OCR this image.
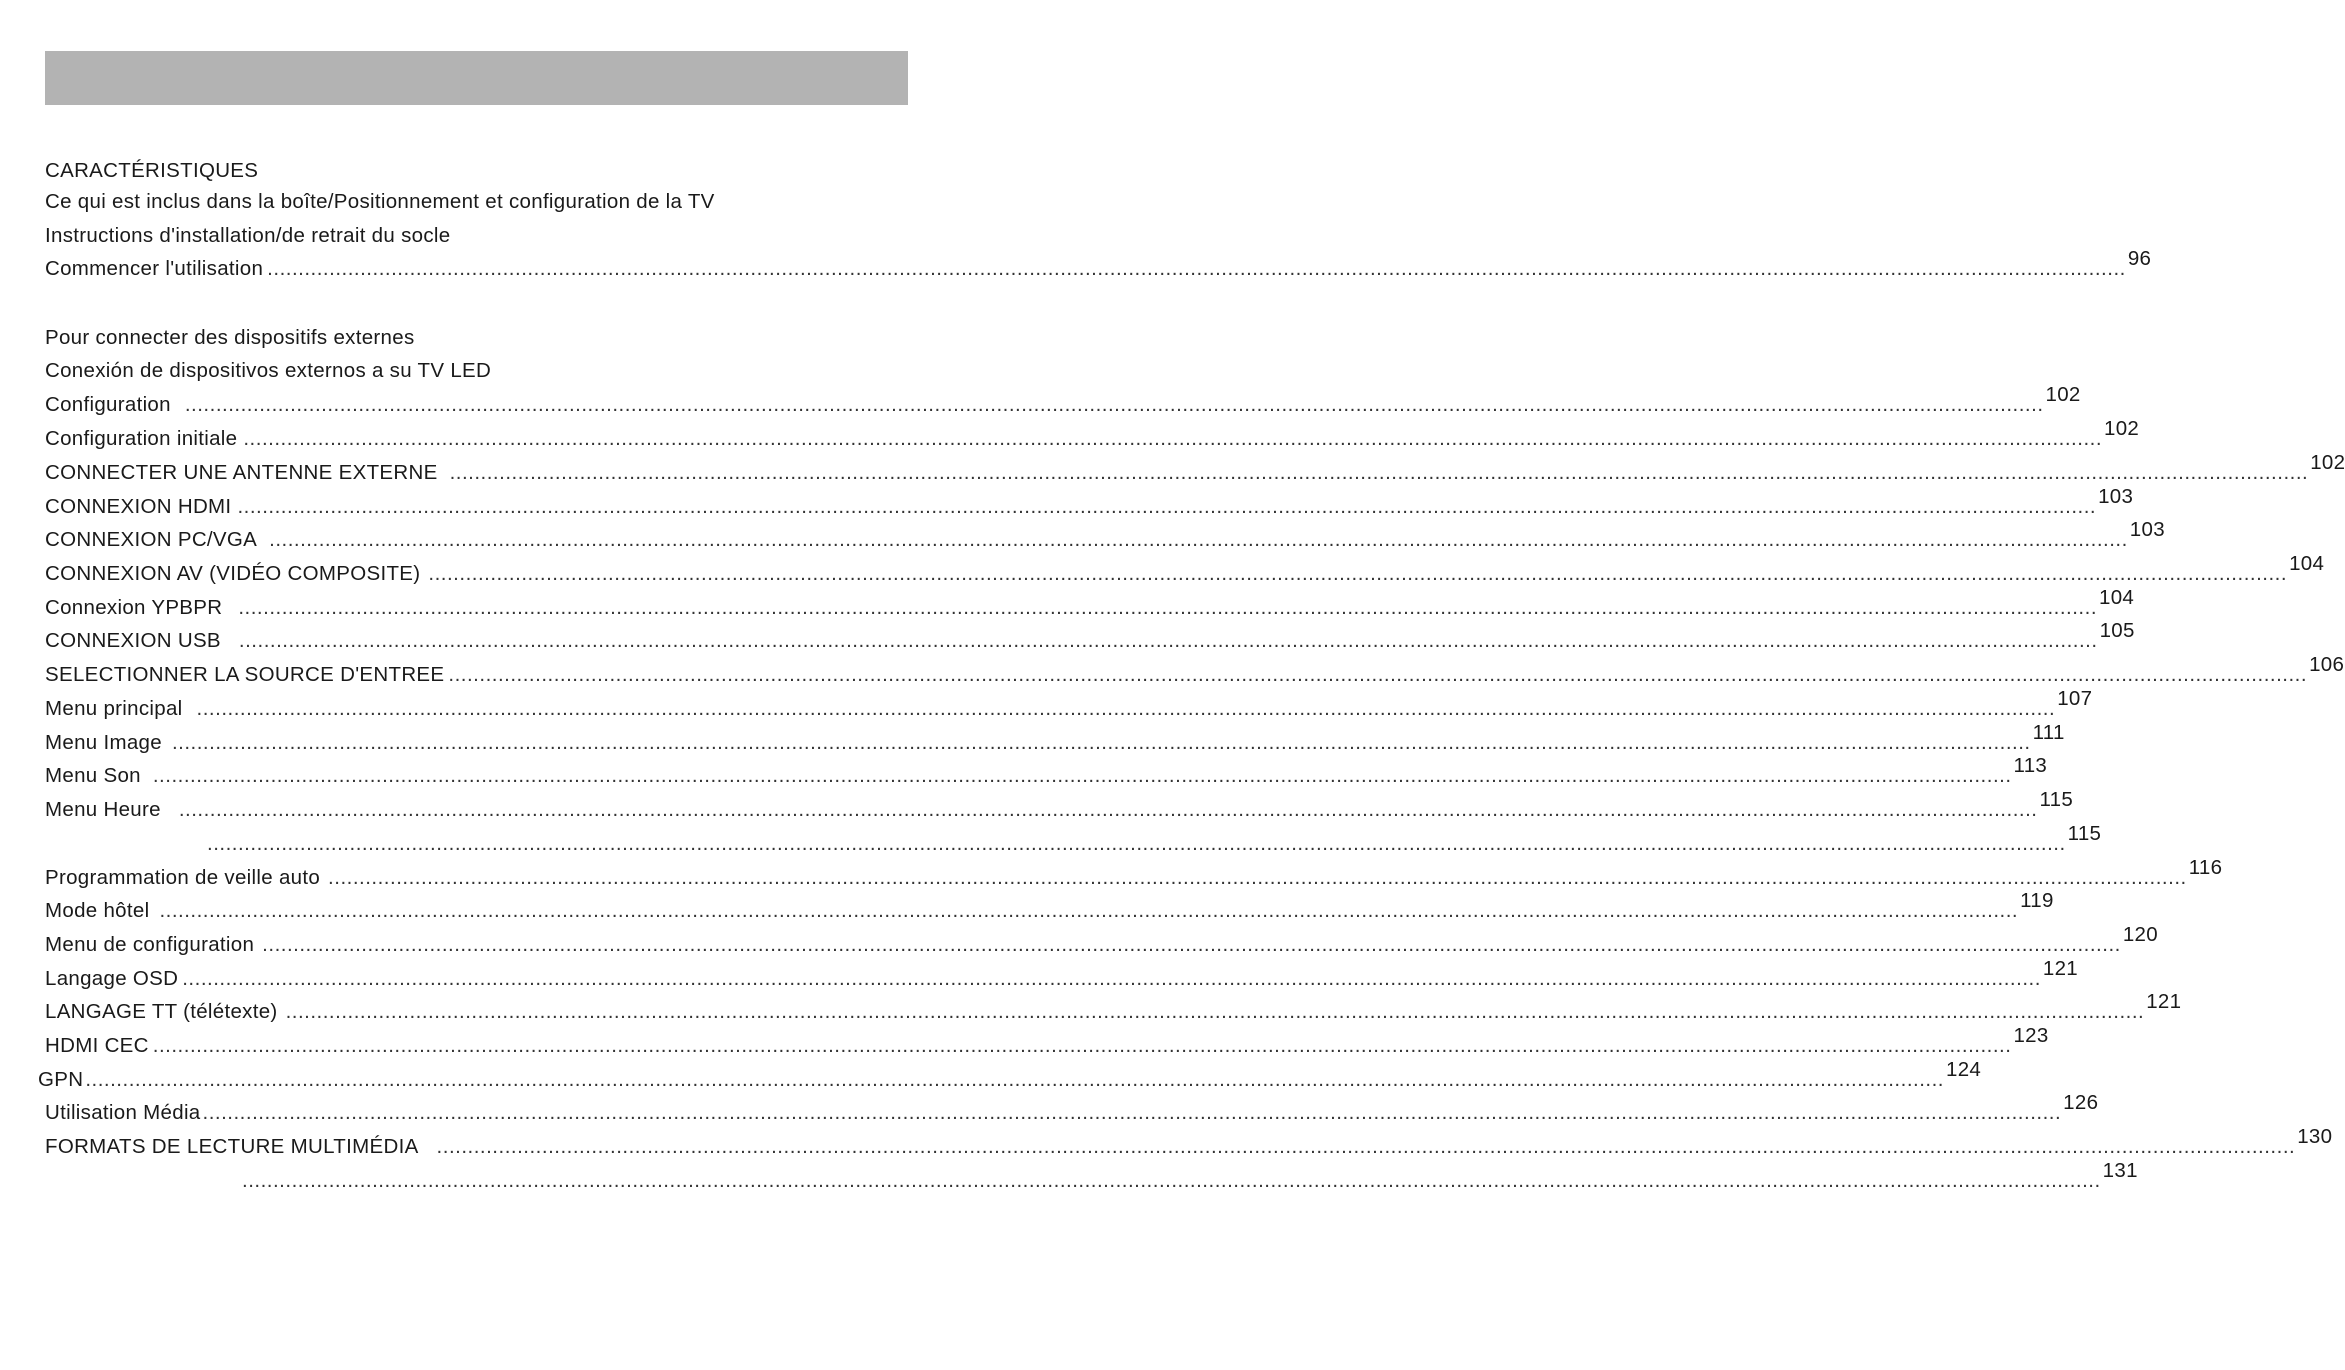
CARACTÉRISTIQUES
Ce qui est inclus dans la boîte/Positionnement et configuration de la TV
Instructions d'installation/de retrait du socle
Commencer l'utilisation ............................................................................................................................................................................................................................................................................................................ 96
Pour connecter des dispositifs externes
Conexión de dispositivos externos a su TV LED
Configuration ............................................................................................................................................................................................................................................................................................................ 102
Configuration initiale ............................................................................................................................................................................................................................................................................................................ 102
CONNECTER UNE ANTENNE EXTERNE ............................................................................................................................................................................................................................................................................................................ 102
CONNEXION HDMI ............................................................................................................................................................................................................................................................................................................ 103
CONNEXION PC/VGA ............................................................................................................................................................................................................................................................................................................ 103
CONNEXION AV (VIDÉO COMPOSITE) ............................................................................................................................................................................................................................................................................................................ 104
Connexion YPBPR ............................................................................................................................................................................................................................................................................................................ 104
CONNEXION USB ............................................................................................................................................................................................................................................................................................................ 105
SELECTIONNER LA SOURCE D'ENTREE ............................................................................................................................................................................................................................................................................................................ 106
Menu principal ............................................................................................................................................................................................................................................................................................................ 107
Menu Image ............................................................................................................................................................................................................................................................................................................ 111
Menu Son ............................................................................................................................................................................................................................................................................................................ 113
Menu Heure ............................................................................................................................................................................................................................................................................................................ 115
............................................................................................................................................................................................................................................................................................................ 115
Programmation de veille auto ............................................................................................................................................................................................................................................................................................................ 116
Mode hôtel ............................................................................................................................................................................................................................................................................................................ 119
Menu de configuration ............................................................................................................................................................................................................................................................................................................ 120
Langage OSD ............................................................................................................................................................................................................................................................................................................ 121
LANGAGE TT (télétexte) ............................................................................................................................................................................................................................................................................................................ 121
HDMI CEC ............................................................................................................................................................................................................................................................................................................ 123
GPN ............................................................................................................................................................................................................................................................................................................ 124
Utilisation Média ............................................................................................................................................................................................................................................................................................................ 126
FORMATS DE LECTURE MULTIMÉDIA ............................................................................................................................................................................................................................................................................................................ 130
............................................................................................................................................................................................................................................................................................................ 131
